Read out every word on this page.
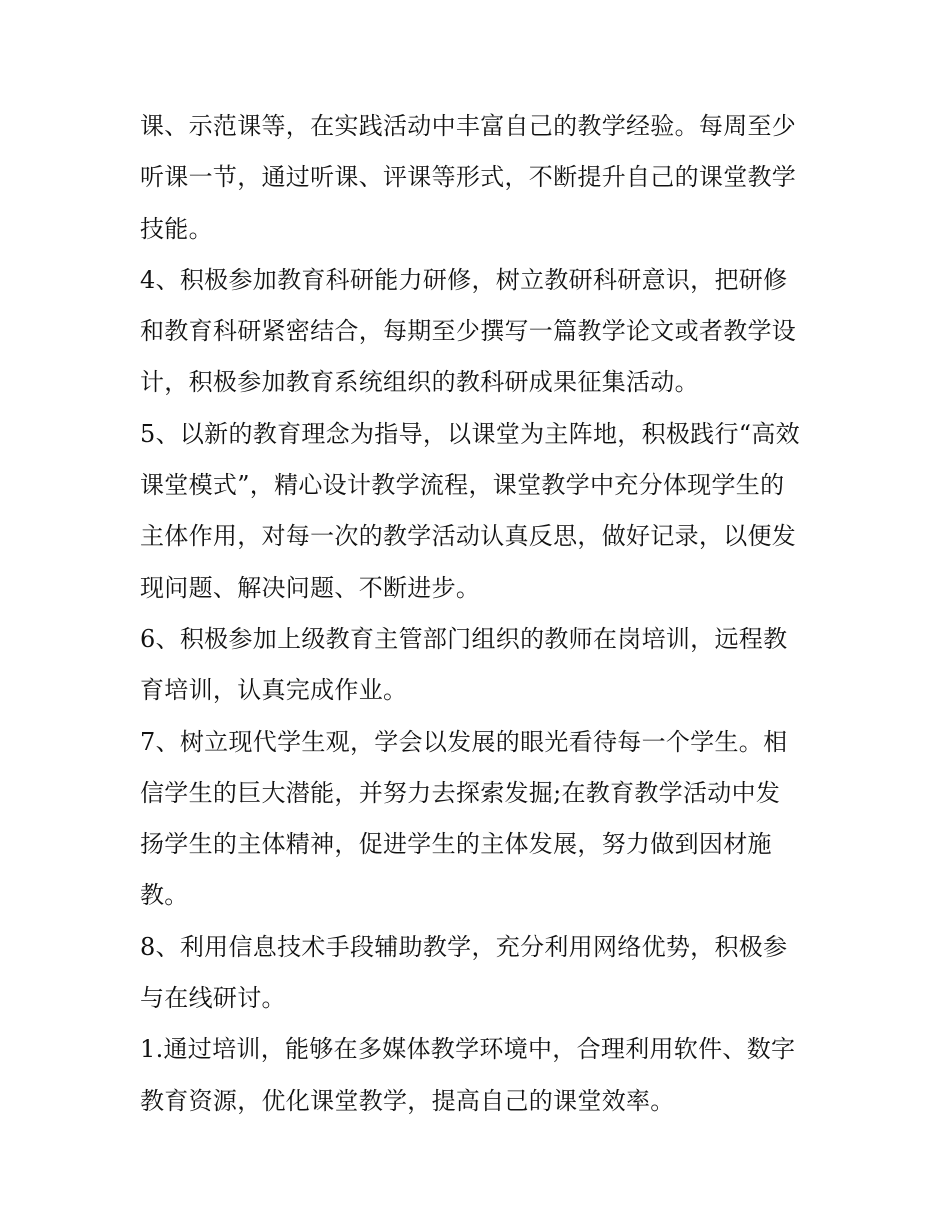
课、示范课等，在实践活动中丰富自己的教学经验。每周至少
听课一节，通过听课、评课等形式，不断提升自己的课堂教学
技能。
4、积极参加教育科研能力研修，树立教研科研意识，把研修
和教育科研紧密结合，每期至少撰写一篇教学论文或者教学设
计，积极参加教育系统组织的教科研成果征集活动。
5、以新的教育理念为指导，以课堂为主阵地，积极践行“高效
课堂模式”，精心设计教学流程，课堂教学中充分体现学生的
主体作用，对每一次的教学活动认真反思，做好记录，以便发
现问题、解决问题、不断进步。
6、积极参加上级教育主管部门组织的教师在岗培训，远程教
育培训，认真完成作业。
7、树立现代学生观，学会以发展的眼光看待每一个学生。相
信学生的巨大潜能，并努力去探索发掘;在教育教学活动中发
扬学生的主体精神，促进学生的主体发展，努力做到因材施
教。
8、利用信息技术手段辅助教学，充分利用网络优势，积极参
与在线研讨。
1.通过培训，能够在多媒体教学环境中，合理利用软件、数字
教育资源，优化课堂教学，提高自己的课堂效率。
